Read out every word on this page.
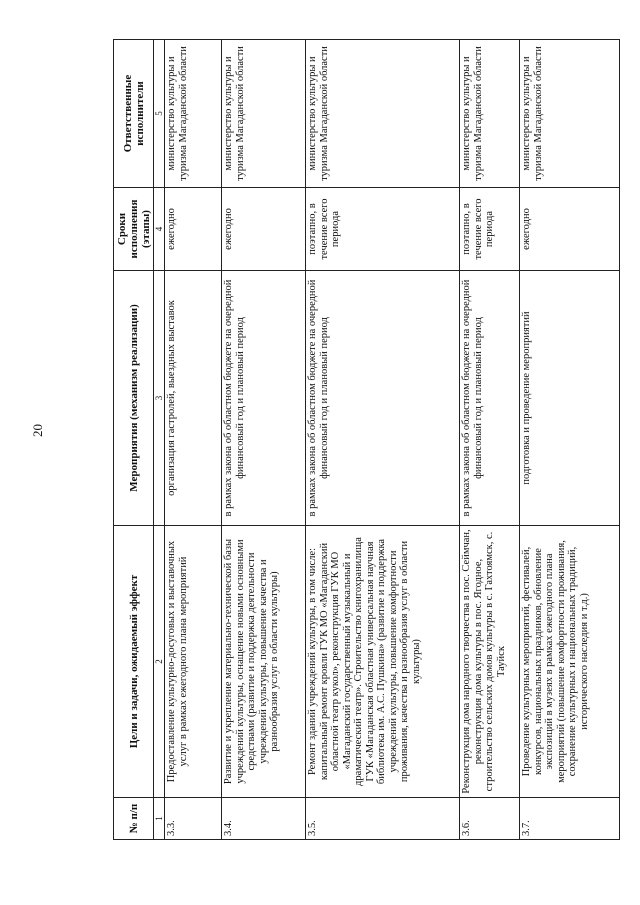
20
№ п/п	Цели и задачи, ожидаемый эффект	Мероприятия (механизм реализации)	Сроки исполнения (этапы)	Ответственные исполнители
1	2	3	4	5
3.3.	Предоставление культурно-досуговых и выставочных услуг в рамках ежегодного плана мероприятий	организация гастролей, выездных выставок	ежегодно	министерство культуры и туризма Магаданской области
3.4.	Развитие и укрепление материально-технической базы учреждений культуры, оснащение новыми основными средствами (развитие и поддержка деятельности учреждений культуры, повышение качества и разнообразия услуг в области культуры)	в рамках закона об областном бюджете на очередной финансовый год и плановый период	ежегодно	министерство культуры и туризма Магаданской области
3.5.	Ремонт зданий учреждений культуры, в том числе: капитальный ремонт кровли ГУК МО «Магаданский областной театр кукол», реконструкция ГУК МО «Магаданский государственный музыкальный и драматический театр». Строительство книгохранилища ГУК «Магаданская областная универсальная научная библиотека им. А.С. Пушкина» (развитие и поддержка учреждений культуры, повышение комфортности проживания, качества и разнообразия услуг в области культуры)	в рамках закона об областном бюджете на очередной финансовый год и плановый период	поэтапно, в течение всего периода	министерство культуры и туризма Магаданской области
3.6.	Реконструкция дома народного творчества в пос. Сеймчан, реконструкция дома культуры в пос. Ягодное, строительство сельских домов культуры в с. Гахтоямск, с. Тауйск	в рамках закона об областном бюджете на очередной финансовый год и плановый период	поэтапно, в течение всего периода	министерство культуры и туризма Магаданской области
3.7.	Проведение культурных мероприятий, фестивалей, конкурсов, национальных праздников, обновление экспозиций в музеях в рамках ежегодного плана мероприятий (повышение комфортности проживания, сохранение культурных и национальных традиций, исторического наследия и т.д.)	подготовка и проведение мероприятий	ежегодно	министерство культуры и туризма Магаданской области
